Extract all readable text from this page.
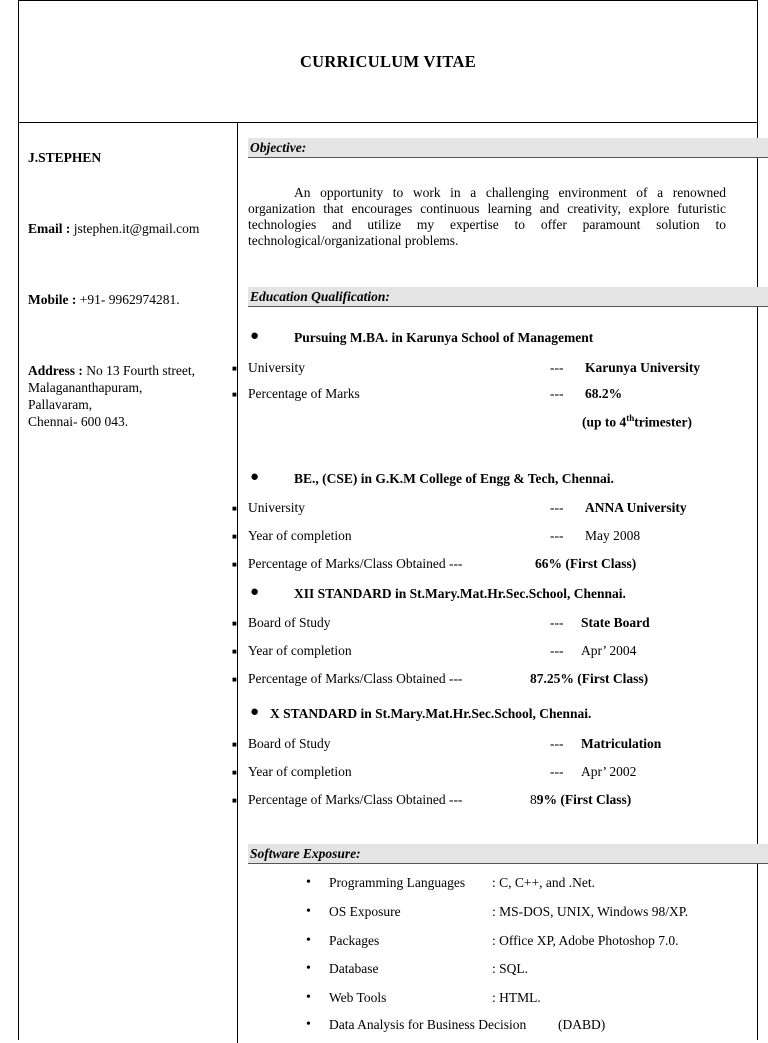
CURRICULUM VITAE
J.STEPHEN
Email : jstephen.it@gmail.com
Mobile : +91- 9962974281.
Address : No 13 Fourth street,
Malagananthapuram,
Pallavaram,
Chennai- 600 043.
Objective:
An opportunity to work in a challenging environment of a renowned organization that encourages continuous learning and creativity, explore futuristic technologies and utilize my expertise to offer paramount solution to technological/organizational problems.
Education Qualification:
●	Pursuing M.BA. in Karunya School of Management
■ University	--- Karunya University
■ Percentage of Marks	--- 68.2%
(up to 4thtrimester)
●	BE., (CSE) in G.K.M College of Engg & Tech, Chennai.
■ University	--- ANNA University
■ Year of completion	--- May 2008
■ Percentage of Marks/Class Obtained ---	66% (First Class)
●	XII STANDARD in St.Mary.Mat.Hr.Sec.School, Chennai.
■ Board of Study	--- State Board
■ Year of completion	--- Apr’ 2004
■ Percentage of Marks/Class Obtained ---	87.25% (First Class)
● X STANDARD in St.Mary.Mat.Hr.Sec.School, Chennai.
■ Board of Study	--- Matriculation
■ Year of completion	--- Apr’ 2002
■ Percentage of Marks/Class Obtained ---	89% (First Class)
Software Exposure:
• Programming Languages : C, C++, and .Net.
• OS Exposure	: MS-DOS, UNIX, Windows 98/XP.
• Packages	: Office XP, Adobe Photoshop 7.0.
• Database	: SQL.
• Web Tools	: HTML.
• Data Analysis for Business Decision (DABD)
